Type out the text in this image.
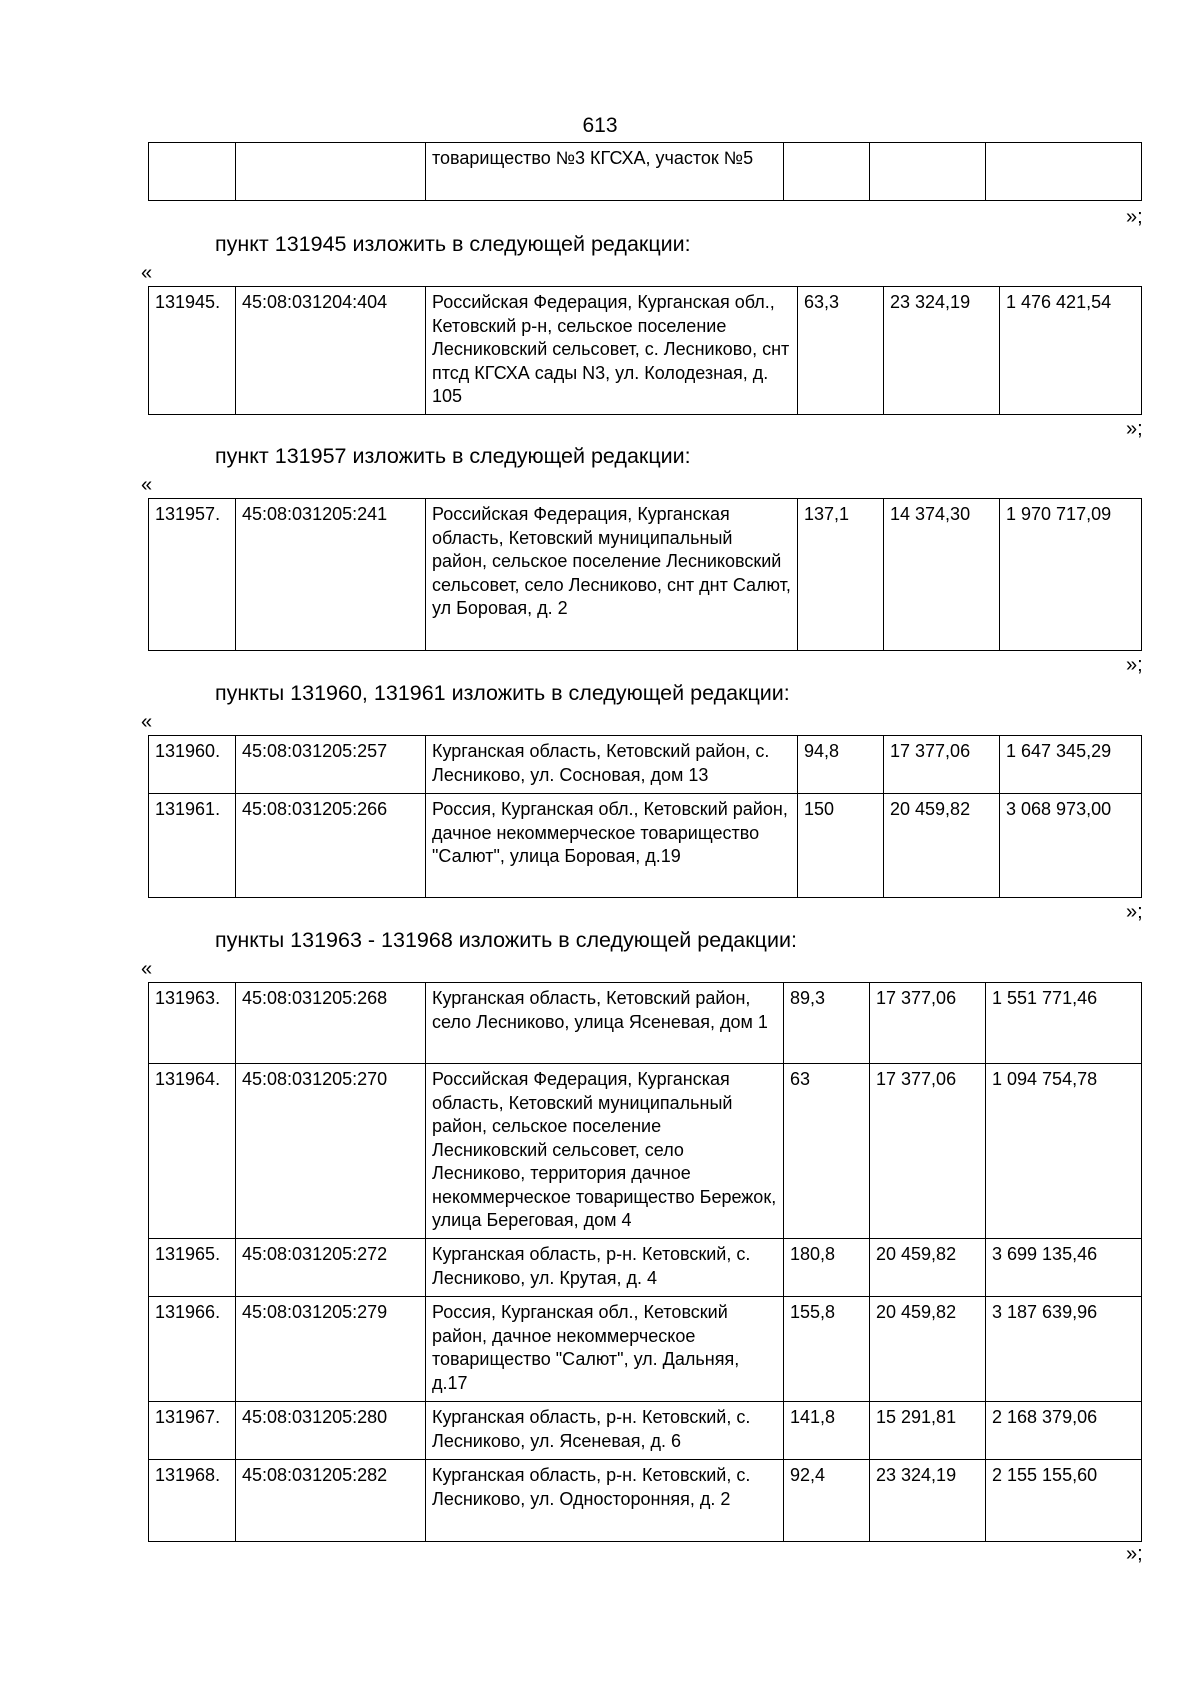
613
		товарищество №3 КГСХА, участок №5			
»;
пункт 131945 изложить в следующей редакции:
«
131945.	45:08:031204:404	Российская Федерация, Курганская обл., Кетовский р-н, сельское поселение Лесниковский сельсовет, с. Лесниково, снт птсд КГСХА сады N3, ул. Колодезная, д. 105	63,3	23 324,19	1 476 421,54
»;
пункт 131957 изложить в следующей редакции:
«
131957.	45:08:031205:241	Российская Федерация, Курганская область, Кетовский муниципальный район, сельское поселение Лесниковский сельсовет, село Лесниково, снт днт Салют, ул Боровая, д. 2	137,1	14 374,30	1 970 717,09
»;
пункты 131960, 131961 изложить в следующей редакции:
«
131960.	45:08:031205:257	Курганская область, Кетовский район, с. Лесниково, ул. Сосновая, дом 13	94,8	17 377,06	1 647 345,29
131961.	45:08:031205:266	Россия, Курганская обл., Кетовский район, дачное некоммерческое товарищество "Салют", улица Боровая, д.19	150	20 459,82	3 068 973,00
»;
пункты 131963 - 131968 изложить в следующей редакции:
«
131963.	45:08:031205:268	Курганская область, Кетовский район, село Лесниково, улица Ясеневая, дом 1	89,3	17 377,06	1 551 771,46
131964.	45:08:031205:270	Российская Федерация, Курганская область, Кетовский муниципальный район, сельское поселение Лесниковский сельсовет, село Лесниково, территория дачное некоммерческое товарищество Бережок, улица Береговая, дом 4	63	17 377,06	1 094 754,78
131965.	45:08:031205:272	Курганская область, р-н. Кетовский, с. Лесниково, ул. Крутая, д. 4	180,8	20 459,82	3 699 135,46
131966.	45:08:031205:279	Россия, Курганская обл., Кетовский район, дачное некоммерческое товарищество "Салют", ул. Дальняя, д.17	155,8	20 459,82	3 187 639,96
131967.	45:08:031205:280	Курганская область, р-н. Кетовский, с. Лесниково, ул. Ясеневая, д. 6	141,8	15 291,81	2 168 379,06
131968.	45:08:031205:282	Курганская область, р-н. Кетовский, с. Лесниково, ул. Односторонняя, д. 2	92,4	23 324,19	2 155 155,60
»;
